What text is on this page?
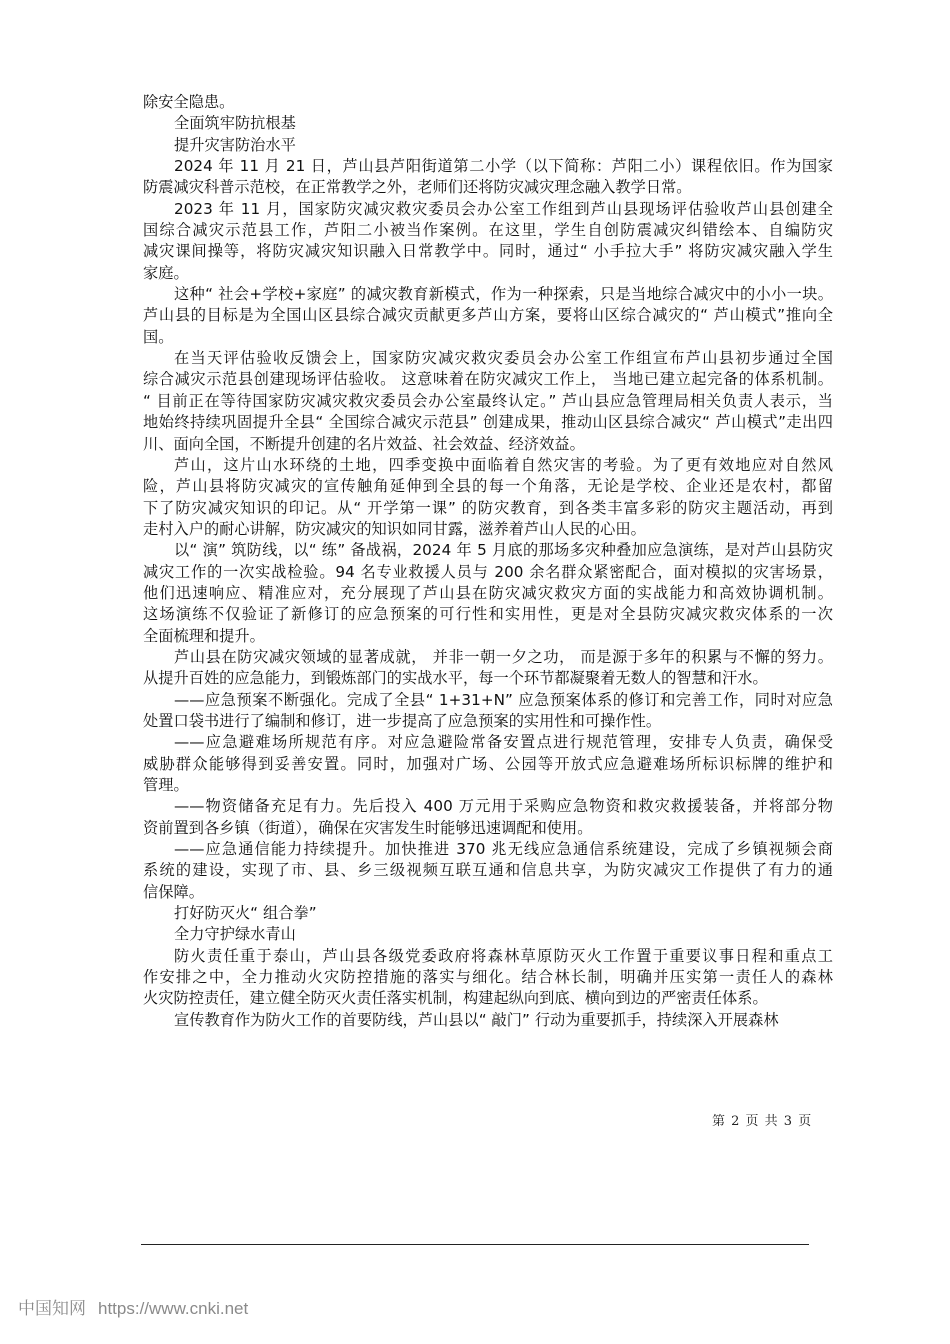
除安全隐患。
全面筑牢防抗根基
提升灾害防治水平
2024 年 11 月 21 日，芦山县芦阳街道第二小学（以下简称：芦阳二小）课程依旧。作为国家
防震减灾科普示范校，在正常教学之外，老师们还将防灾减灾理念融入教学日常。
2023 年 11 月，国家防灾减灾救灾委员会办公室工作组到芦山县现场评估验收芦山县创建全
国综合减灾示范县工作，芦阳二小被当作案例。在这里，学生自创防震减灾纠错绘本、自编防灾
减灾课间操等，将防灾减灾知识融入日常教学中。同时，通过“ 小手拉大手” 将防灾减灾融入学生
家庭。
这种“ 社会+学校+家庭” 的减灾教育新模式，作为一种探索，只是当地综合减灾中的小小一块。
芦山县的目标是为全国山区县综合减灾贡献更多芦山方案，要将山区综合减灾的“ 芦山模式”推向全
国。
在当天评估验收反馈会上，国家防灾减灾救灾委员会办公室工作组宣布芦山县初步通过全国
综合减灾示范县创建现场评估验收。 这意味着在防灾减灾工作上， 当地已建立起完备的体系机制。
“ 目前正在等待国家防灾减灾救灾委员会办公室最终认定。” 芦山县应急管理局相关负责人表示，当
地始终持续巩固提升全县“ 全国综合减灾示范县” 创建成果，推动山区县综合减灾“ 芦山模式”走出四
川、面向全国，不断提升创建的名片效益、社会效益、经济效益。
芦山，这片山水环绕的土地，四季变换中面临着自然灾害的考验。为了更有效地应对自然风
险，芦山县将防灾减灾的宣传触角延伸到全县的每一个角落，无论是学校、企业还是农村，都留
下了防灾减灾知识的印记。从“ 开学第一课” 的防灾教育，到各类丰富多彩的防灾主题活动，再到
走村入户的耐心讲解，防灾减灾的知识如同甘露，滋养着芦山人民的心田。
以“ 演” 筑防线，以“ 练” 备战祸，2024 年 5 月底的那场多灾种叠加应急演练，是对芦山县防灾
减灾工作的一次实战检验。94 名专业救援人员与 200 余名群众紧密配合，面对模拟的灾害场景，
他们迅速响应、精准应对，充分展现了芦山县在防灾减灾救灾方面的实战能力和高效协调机制。
这场演练不仅验证了新修订的应急预案的可行性和实用性，更是对全县防灾减灾救灾体系的一次
全面梳理和提升。
芦山县在防灾减灾领域的显著成就， 并非一朝一夕之功， 而是源于多年的积累与不懈的努力。
从提升百姓的应急能力，到锻炼部门的实战水平，每一个环节都凝聚着无数人的智慧和汗水。
——应急预案不断强化。完成了全县“ 1+31+N” 应急预案体系的修订和完善工作，同时对应急
处置口袋书进行了编制和修订，进一步提高了应急预案的实用性和可操作性。
——应急避难场所规范有序。对应急避险常备安置点进行规范管理，安排专人负责，确保受
威胁群众能够得到妥善安置。同时，加强对广场、公园等开放式应急避难场所标识标牌的维护和
管理。
——物资储备充足有力。先后投入 400 万元用于采购应急物资和救灾救援装备，并将部分物
资前置到各乡镇（街道），确保在灾害发生时能够迅速调配和使用。
——应急通信能力持续提升。加快推进 370 兆无线应急通信系统建设，完成了乡镇视频会商
系统的建设，实现了市、县、乡三级视频互联互通和信息共享，为防灾减灾工作提供了有力的通
信保障。
打好防灭火“ 组合拳”
全力守护绿水青山
防火责任重于泰山，芦山县各级党委政府将森林草原防灭火工作置于重要议事日程和重点工
作安排之中，全力推动火灾防控措施的落实与细化。结合林长制，明确并压实第一责任人的森林
火灾防控责任，建立健全防灭火责任落实机制，构建起纵向到底、横向到边的严密责任体系。
宣传教育作为防火工作的首要防线，芦山县以“ 敲门” 行动为重要抓手，持续深入开展森林
第 2 页 共 3 页
中国知网 https://www.cnki.net
